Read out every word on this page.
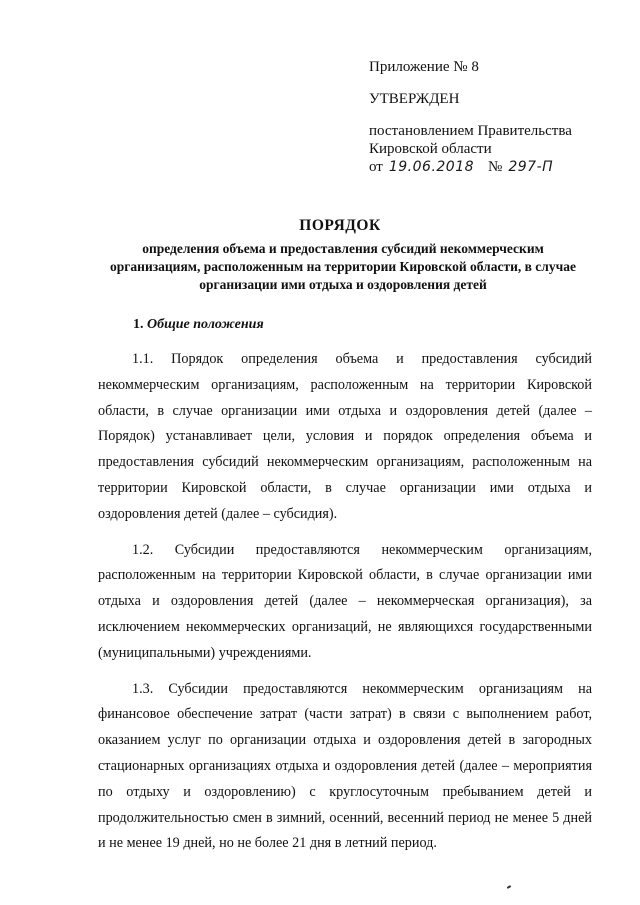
Приложение № 8
УТВЕРЖДЕН
постановлением Правительства
Кировской области
от 19.06.2018 № 297-П
ПОРЯДОК
определения объема и предоставления субсидий некоммерческим организациям, расположенным на территории Кировской области, в случае организации ими отдыха и оздоровления детей
1. Общие положения

1.1. Порядок определения объема и предоставления субсидий некоммерческим организациям, расположенным на территории Кировской области, в случае организации ими отдыха и оздоровления детей (далее – Порядок) устанавливает цели, условия и порядок определения объема и предоставления субсидий некоммерческим организациям, расположенным на территории Кировской области, в случае организации ими отдыха и оздоровления детей (далее – субсидия).

1.2. Субсидии предоставляются некоммерческим организациям, расположенным на территории Кировской области, в случае организации ими отдыха и оздоровления детей (далее – некоммерческая организация), за исключением некоммерческих организаций, не являющихся государственными (муниципальными) учреждениями.

1.3. Субсидии предоставляются некоммерческим организациям на финансовое обеспечение затрат (части затрат) в связи с выполнением работ, оказанием услуг по организации отдыха и оздоровления детей в загородных стационарных организациях отдыха и оздоровления детей (далее – мероприятия по отдыху и оздоровлению) с круглосуточным пребыванием детей и продолжительностью смен в зимний, осенний, весенний период не менее 5 дней и не менее 19 дней, но не более 21 дня в летний период.
